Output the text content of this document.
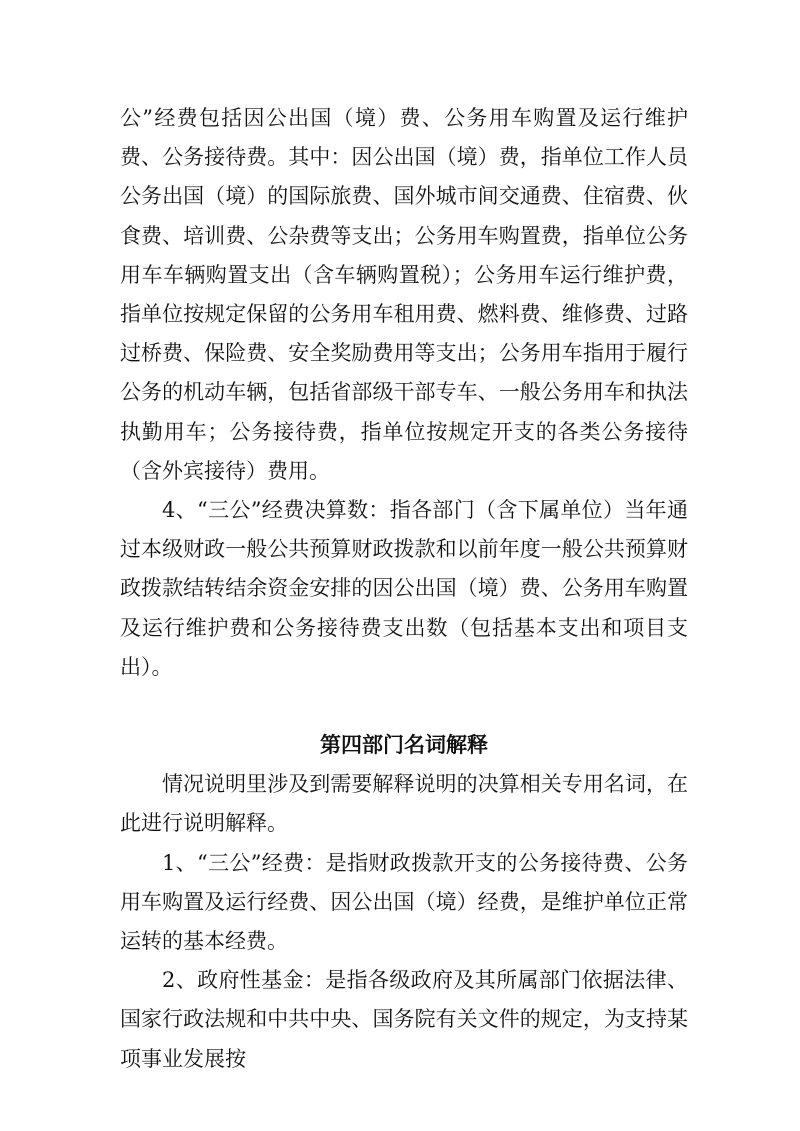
公”经费包括因公出国（境）费、公务用车购置及运行维护费、公务接待费。其中：因公出国（境）费，指单位工作人员公务出国（境）的国际旅费、国外城市间交通费、住宿费、伙食费、培训费、公杂费等支出；公务用车购置费，指单位公务用车车辆购置支出（含车辆购置税）；公务用车运行维护费，指单位按规定保留的公务用车租用费、燃料费、维修费、过路过桥费、保险费、安全奖励费用等支出；公务用车指用于履行公务的机动车辆，包括省部级干部专车、一般公务用车和执法执勤用车；公务接待费，指单位按规定开支的各类公务接待（含外宾接待）费用。

4、“三公”经费决算数：指各部门（含下属单位）当年通过本级财政一般公共预算财政拨款和以前年度一般公共预算财政拨款结转结余资金安排的因公出国（境）费、公务用车购置及运行维护费和公务接待费支出数（包括基本支出和项目支出）。

第四部门名词解释

情况说明里涉及到需要解释说明的决算相关专用名词，在此进行说明解释。

1、“三公”经费：是指财政拨款开支的公务接待费、公务用车购置及运行经费、因公出国（境）经费，是维护单位正常运转的基本经费。

2、政府性基金：是指各级政府及其所属部门依据法律、国家行政法规和中共中央、国务院有关文件的规定，为支持某项事业发展按
